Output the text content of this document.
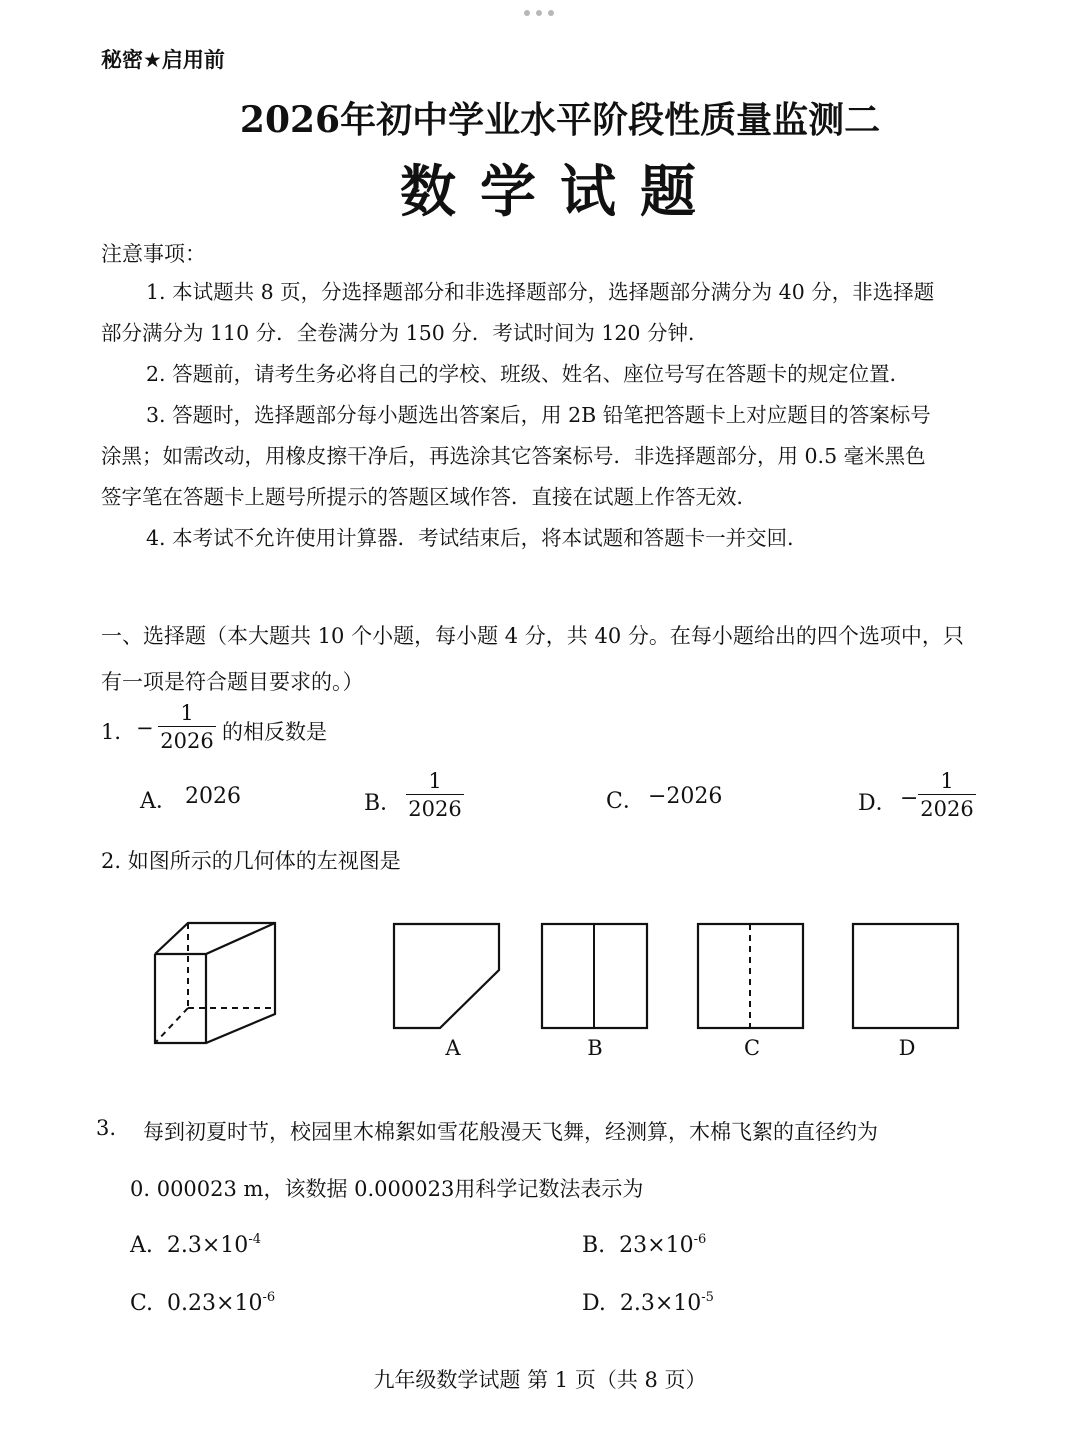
秘密★启用前
2026年初中学业水平阶段性质量监测二
数学试题
注意事项：
1. 本试题共 8 页，分选择题部分和非选择题部分，选择题部分满分为 40 分，非选择题
部分满分为 110 分．全卷满分为 150 分．考试时间为 120 分钟．
2. 答题前，请考生务必将自己的学校、班级、姓名、座位号写在答题卡的规定位置．
3. 答题时，选择题部分每小题选出答案后，用 2B 铅笔把答题卡上对应题目的答案标号
涂黑；如需改动，用橡皮擦干净后，再选涂其它答案标号．非选择题部分，用 0.5 毫米黑色
签字笔在答题卡上题号所提示的答题区域作答．直接在试题上作答无效．
4. 本考试不允许使用计算器．考试结束后，将本试题和答题卡一并交回．
一、选择题（本大题共 10 个小题，每小题 4 分，共 40 分。在每小题给出的四个选项中，只
有一项是符合题目要求的。）
1． −
1
2026 的相反数是
A． 2026	B．
1
2026	C． −2026	D． −
1
2026
2. 如图所示的几何体的左视图是
A	B	C	D
3. 每到初夏时节，校园里木棉絮如雪花般漫天飞舞，经测算，木棉飞絮的直径约为
0. 000023 m，该数据 0.000023用科学记数法表示为
A. $2.3\times 10^{-4}$	B. $23\times 10^{-6}$
C. $0.23\times 10^{-6}$	D. $2.3\times 10^{-5}$
九年级数学试题 第 1 页（共 8 页）
